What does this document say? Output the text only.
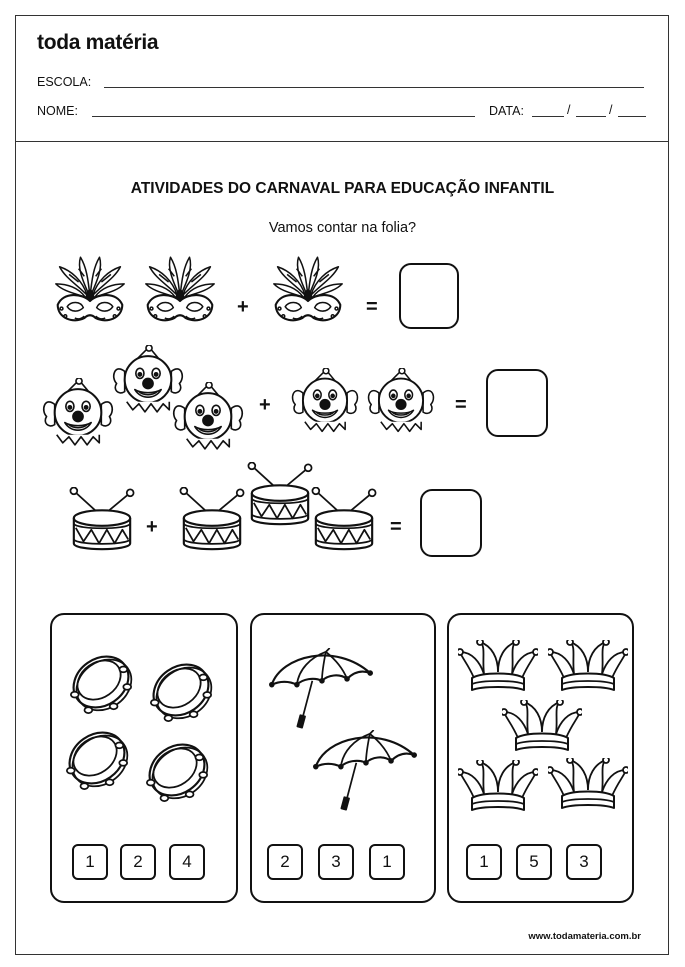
toda matéria
ESCOLA:
NOME:	DATA:	/	/
ATIVIDADES DO CARNAVAL PARA EDUCAÇÃO INFANTIL
Vamos contar na folia?
+	=
+	=
+	=
1	2	4	2	3	1	1	5	3
www.todamateria.com.br
